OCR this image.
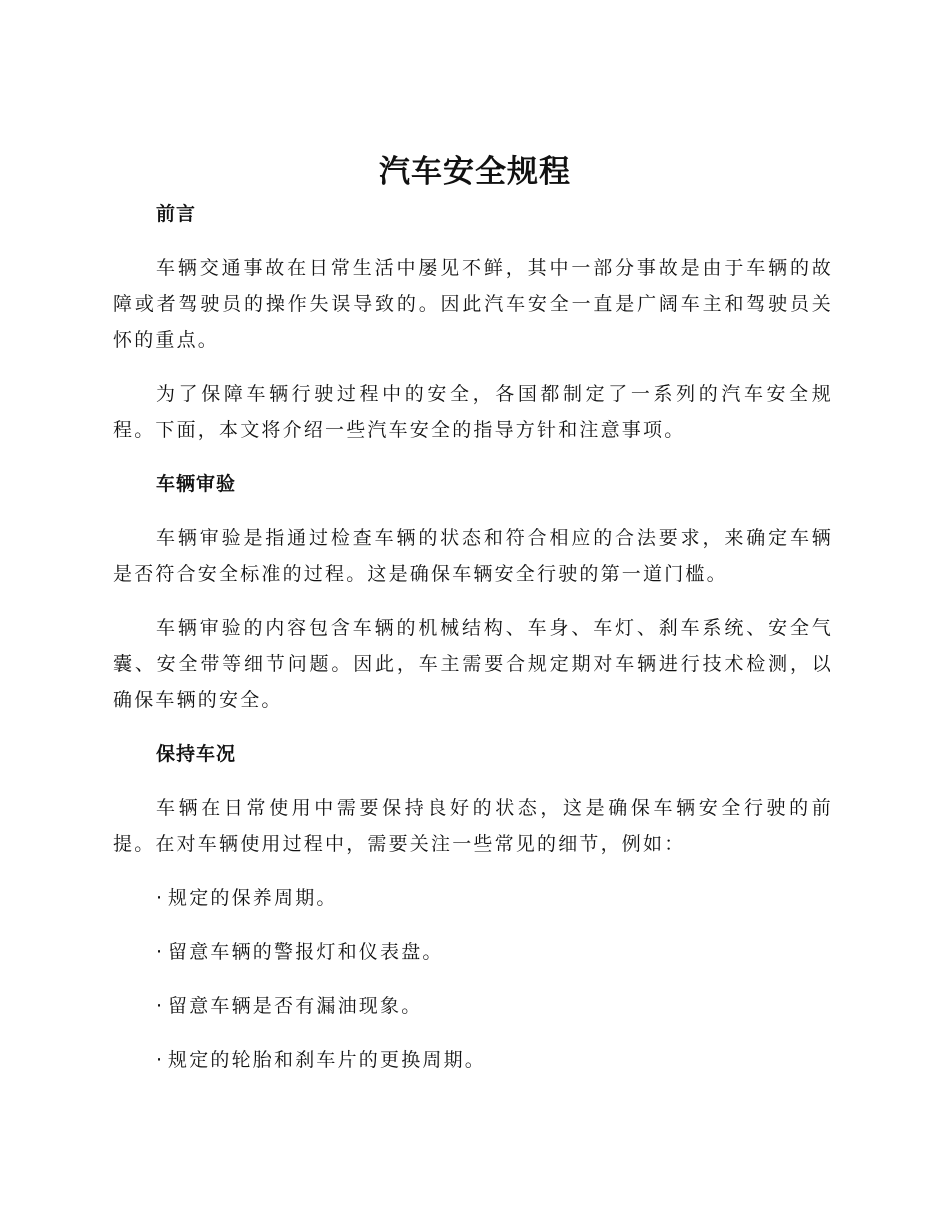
汽车安全规程
前言

车辆交通事故在日常生活中屡见不鲜，其中一部分事故是由于车辆的故障或者驾驶员的操作失误导致的。因此汽车安全一直是广阔车主和驾驶员关怀的重点。

为了保障车辆行驶过程中的安全，各国都制定了一系列的汽车安全规程。下面，本文将介绍一些汽车安全的指导方针和注意事项。

车辆审验

车辆审验是指通过检查车辆的状态和符合相应的合法要求，来确定车辆是否符合安全标准的过程。这是确保车辆安全行驶的第一道门槛。

车辆审验的内容包含车辆的机械结构、车身、车灯、刹车系统、安全气囊、安全带等细节问题。因此，车主需要合规定期对车辆进行技术检测，以确保车辆的安全。

保持车况

车辆在日常使用中需要保持良好的状态，这是确保车辆安全行驶的前提。在对车辆使用过程中，需要关注一些常见的细节，例如：

· 规定的保养周期。
· 留意车辆的警报灯和仪表盘。
· 留意车辆是否有漏油现象。
· 规定的轮胎和刹车片的更换周期。
